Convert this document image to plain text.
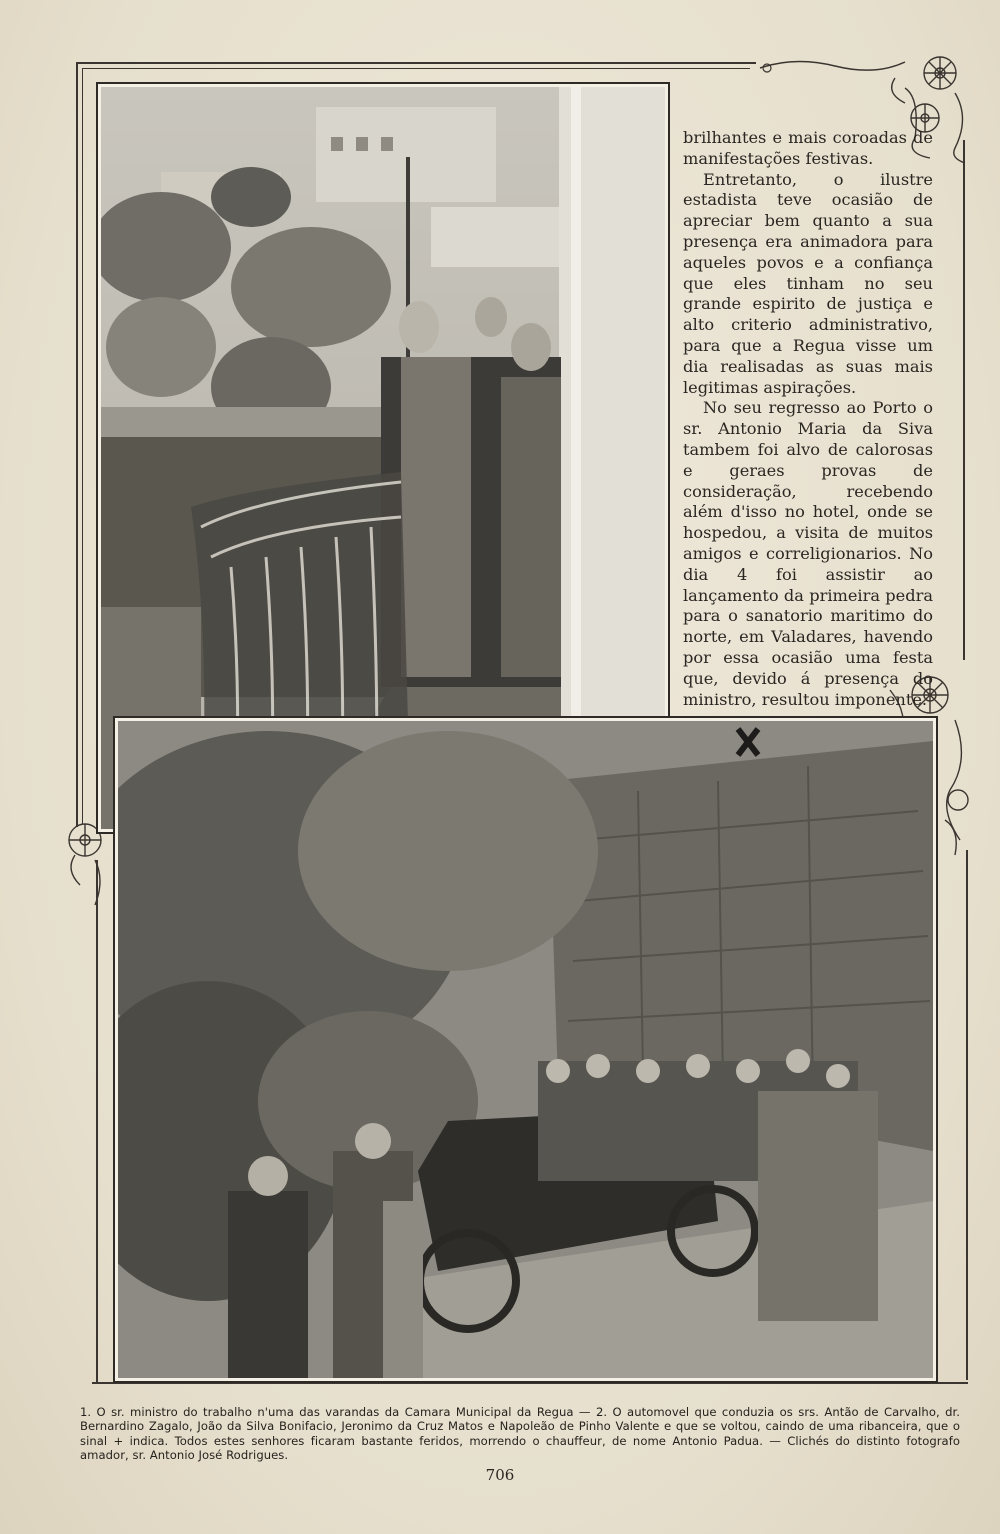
brilhantes e mais coroadas de manifestações festivas.

Entretanto, o ilustre estadista teve ocasião de apreciar bem quanto a sua presença era animadora para aqueles povos e a confiança que eles tinham no seu grande espirito de justiça e alto criterio administrativo, para que a Regua visse um dia realisadas as suas mais legitimas aspirações.

No seu regresso ao Porto o sr. Antonio Maria da Siva tambem foi alvo de calorosas e geraes provas de consideração, recebendo além d'isso no hotel, onde se hospedou, a visita de muitos amigos e correligionarios. No dia 4 foi assistir ao lançamento da primeira pedra para o sanatorio maritimo do norte, em Valadares, havendo por essa ocasião uma festa que, devido á presença do ministro, resultou imponente.

1. O sr. ministro do trabalho n'uma das varandas da Camara Municipal da Regua — 2. O automovel que conduzia os srs. Antão de Carvalho, dr. Bernardino Zagalo, João da Silva Bonifacio, Jeronimo da Cruz Matos e Napoleão de Pinho Valente e que se voltou, caindo de uma ribanceira, que o sinal + indica. Todos estes senhores ficaram bastante feridos, morrendo o chauffeur, de nome Antonio Padua. — Clichés do distinto fotografo amador, sr. Antonio José Rodrigues.
706
